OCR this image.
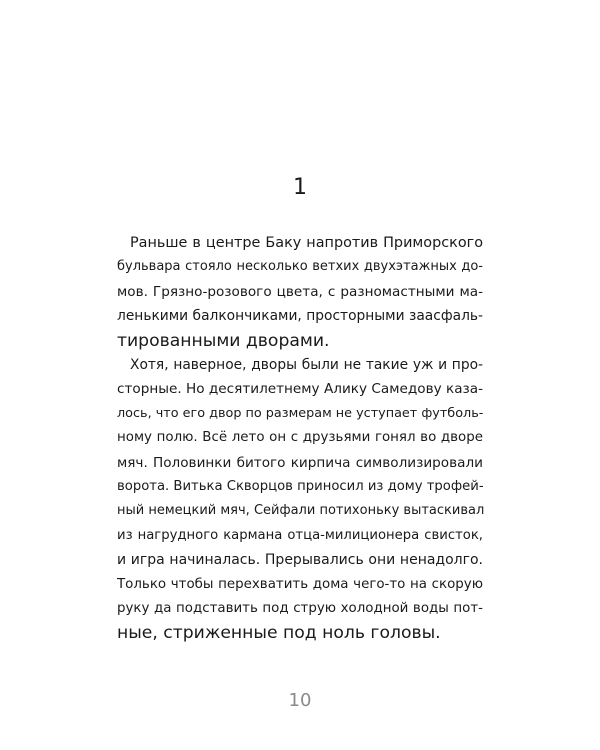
1
Раньше в центре Баку напротив Приморского
бульвара стояло несколько ветхих двухэтажных до-
мов. Грязно-розового цвета, с разномастными ма-
ленькими балкончиками, просторными заасфаль-
тированными дворами.
Хотя, наверное, дворы были не такие уж и про-
сторные. Но десятилетнему Алику Самедову каза-
лось, что его двор по размерам не уступает футболь-
ному полю. Всё лето он с друзьями гонял во дворе
мяч. Половинки битого кирпича символизировали
ворота. Витька Скворцов приносил из дому трофей-
ный немецкий мяч, Сейфали потихоньку вытаскивал
из нагрудного кармана отца-милиционера свисток,
и игра начиналась. Прерывались они ненадолго.
Только чтобы перехватить дома чего-то на скорую
руку да подставить под струю холодной воды пот-
ные, стриженные под ноль головы.
10
